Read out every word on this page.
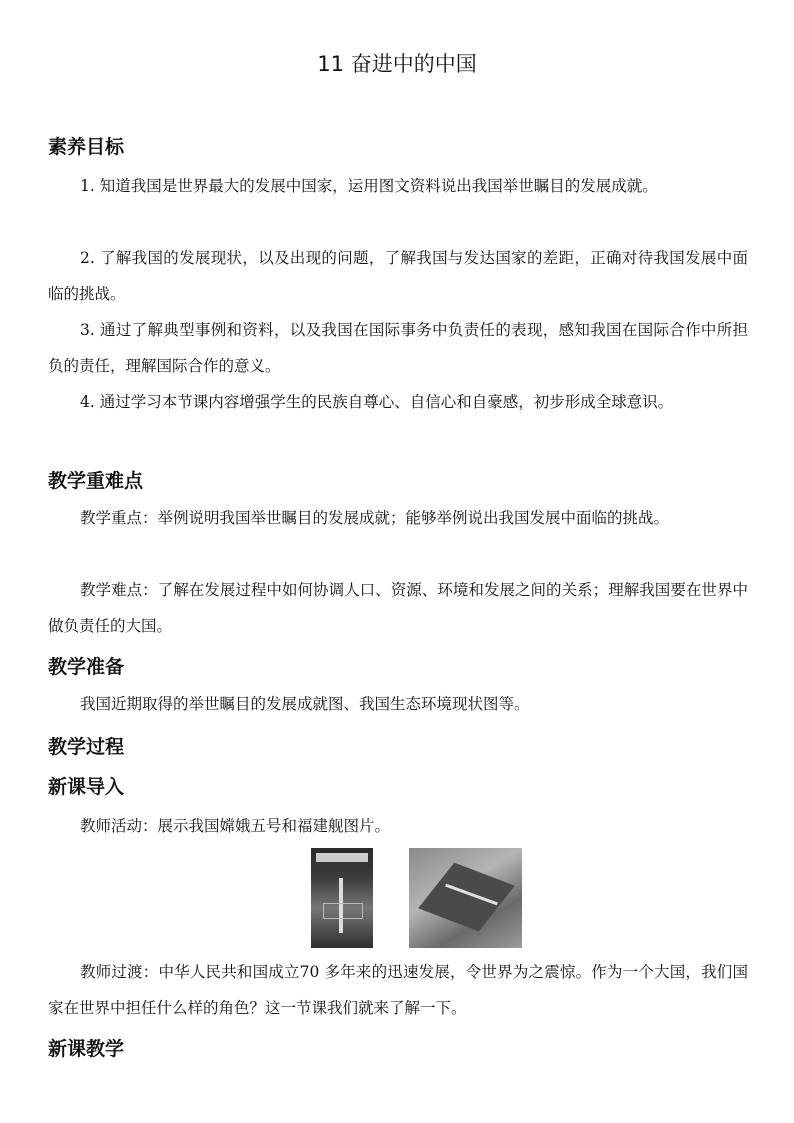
11 奋进中的中国
素养目标
1. 知道我国是世界最大的发展中国家，运用图文资料说出我国举世瞩目的发展成就。
2. 了解我国的发展现状，以及出现的问题，了解我国与发达国家的差距，正确对待我国发展中面临的挑战。
3. 通过了解典型事例和资料，以及我国在国际事务中负责任的表现，感知我国在国际合作中所担负的责任，理解国际合作的意义。
4. 通过学习本节课内容增强学生的民族自尊心、自信心和自豪感，初步形成全球意识。
教学重难点
教学重点：举例说明我国举世瞩目的发展成就；能够举例说出我国发展中面临的挑战。
教学难点：了解在发展过程中如何协调人口、资源、环境和发展之间的关系；理解我国要在世界中做负责任的大国。
教学准备
我国近期取得的举世瞩目的发展成就图、我国生态环境现状图等。
教学过程
新课导入
教师活动：展示我国嫦娥五号和福建舰图片。
教师过渡：中华人民共和国成立70 多年来的迅速发展，令世界为之震惊。作为一个大国，我们国家在世界中担任什么样的角色？这一节课我们就来了解一下。
新课教学
